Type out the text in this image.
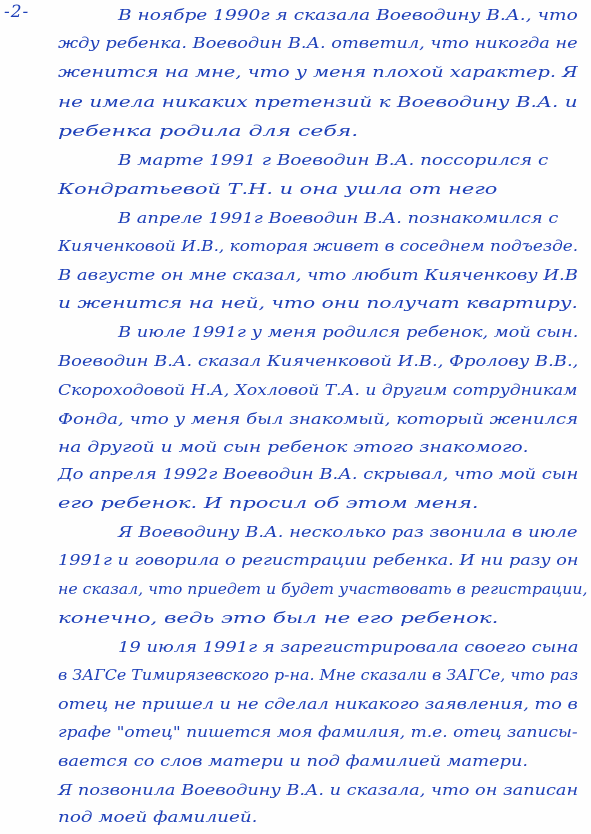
-2-	В ноябре 1990г я сказала Воеводину В.А., что
жду ребенка. Воеводин В.А. ответил, что никогда не
женится на мне, что у меня плохой характер. Я
не имела никаких претензий к Воеводину В.А. и
ребенка родила для себя.
В марте 1991 г Воеводин В.А. поссорился с
Кондратьевой Т.Н. и она ушла от него
В апреле 1991г Воеводин В.А. познакомился с
Кияченковой И.В., которая живет в соседнем подъезде.
В августе он мне сказал, что любит Кияченкову И.В
и женится на ней, что они получат квартиру.
В июле 1991г у меня родился ребенок, мой сын.
Воеводин В.А. сказал Кияченковой И.В., Фролову В.В.,
Скороходовой Н.А, Хохловой Т.А. и другим сотрудникам
Фонда, что у меня был знакомый, который женился
на другой и мой сын ребенок этого знакомого.
До апреля 1992г Воеводин В.А. скрывал, что мой сын
его ребенок. И просил об этом меня.
Я Воеводину В.А. несколько раз звонила в июле
1991г и говорила о регистрации ребенка. И ни разу он
не сказал, что приедет и будет участвовать в регистрации,
конечно, ведь это был не его ребенок.
19 июля 1991г я зарегистрировала своего сына
в ЗАГСе Тимирязевского р-на. Мне сказали в ЗАГСе, что раз
отец не пришел и не сделал никакого заявления, то в
графе "отец" пишется моя фамилия, т.е. отец записы-
вается со слов матери и под фамилией матери.
Я позвонила Воеводину В.А. и сказала, что он записан
под моей фамилией.
